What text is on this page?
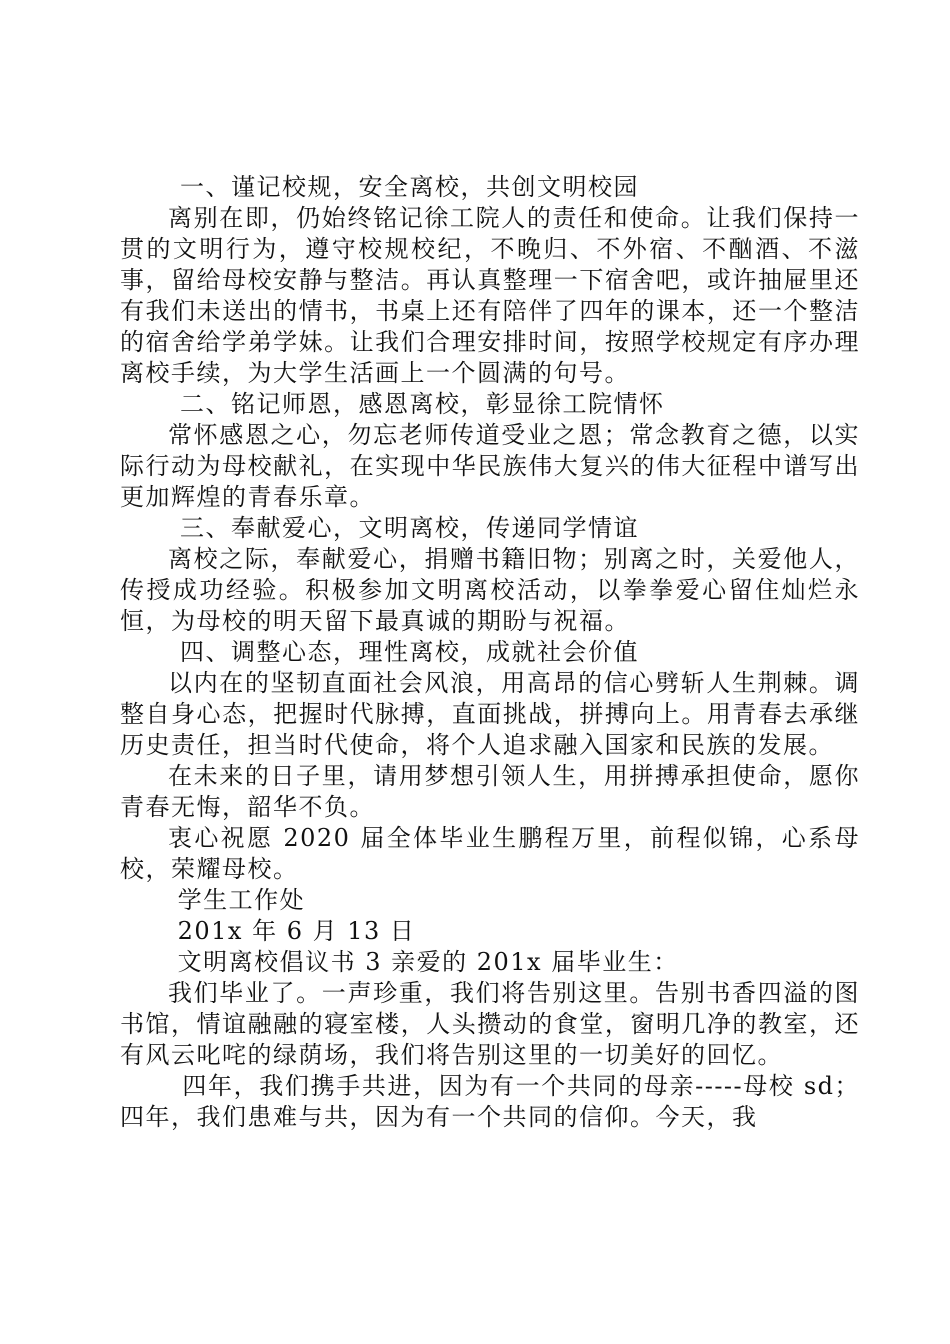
一、谨记校规，安全离校，共创文明校园

离别在即，仍始终铭记徐工院人的责任和使命。让我们保持一贯的文明行为，遵守校规校纪，不晚归、不外宿、不酗酒、不滋事，留给母校安静与整洁。再认真整理一下宿舍吧，或许抽屉里还有我们未送出的情书，书桌上还有陪伴了四年的课本，还一个整洁的宿舍给学弟学妹。让我们合理安排时间，按照学校规定有序办理离校手续，为大学生活画上一个圆满的句号。

二、铭记师恩，感恩离校，彰显徐工院情怀

常怀感恩之心，勿忘老师传道受业之恩；常念教育之德，以实际行动为母校献礼，在实现中华民族伟大复兴的伟大征程中谱写出更加辉煌的青春乐章。

三、奉献爱心，文明离校，传递同学情谊

离校之际，奉献爱心，捐赠书籍旧物；别离之时，关爱他人，传授成功经验。积极参加文明离校活动，以拳拳爱心留住灿烂永恒，为母校的明天留下最真诚的期盼与祝福。

四、调整心态，理性离校，成就社会价值

以内在的坚韧直面社会风浪，用高昂的信心劈斩人生荆棘。调整自身心态，把握时代脉搏，直面挑战，拼搏向上。用青春去承继历史责任，担当时代使命，将个人追求融入国家和民族的发展。

在未来的日子里，请用梦想引领人生，用拼搏承担使命，愿你青春无悔，韶华不负。

衷心祝愿 2020 届全体毕业生鹏程万里，前程似锦，心系母校，荣耀母校。

学生工作处

201x 年 6 月 13 日

文明离校倡议书 3 亲爱的 201x 届毕业生：

我们毕业了。一声珍重，我们将告别这里。告别书香四溢的图书馆，情谊融融的寝室楼，人头攒动的食堂，窗明几净的教室，还有风云叱咤的绿荫场，我们将告别这里的一切美好的回忆。

四年，我们携手共进，因为有一个共同的母亲-----母校 sd；四年，我们患难与共，因为有一个共同的信仰。今天，我
